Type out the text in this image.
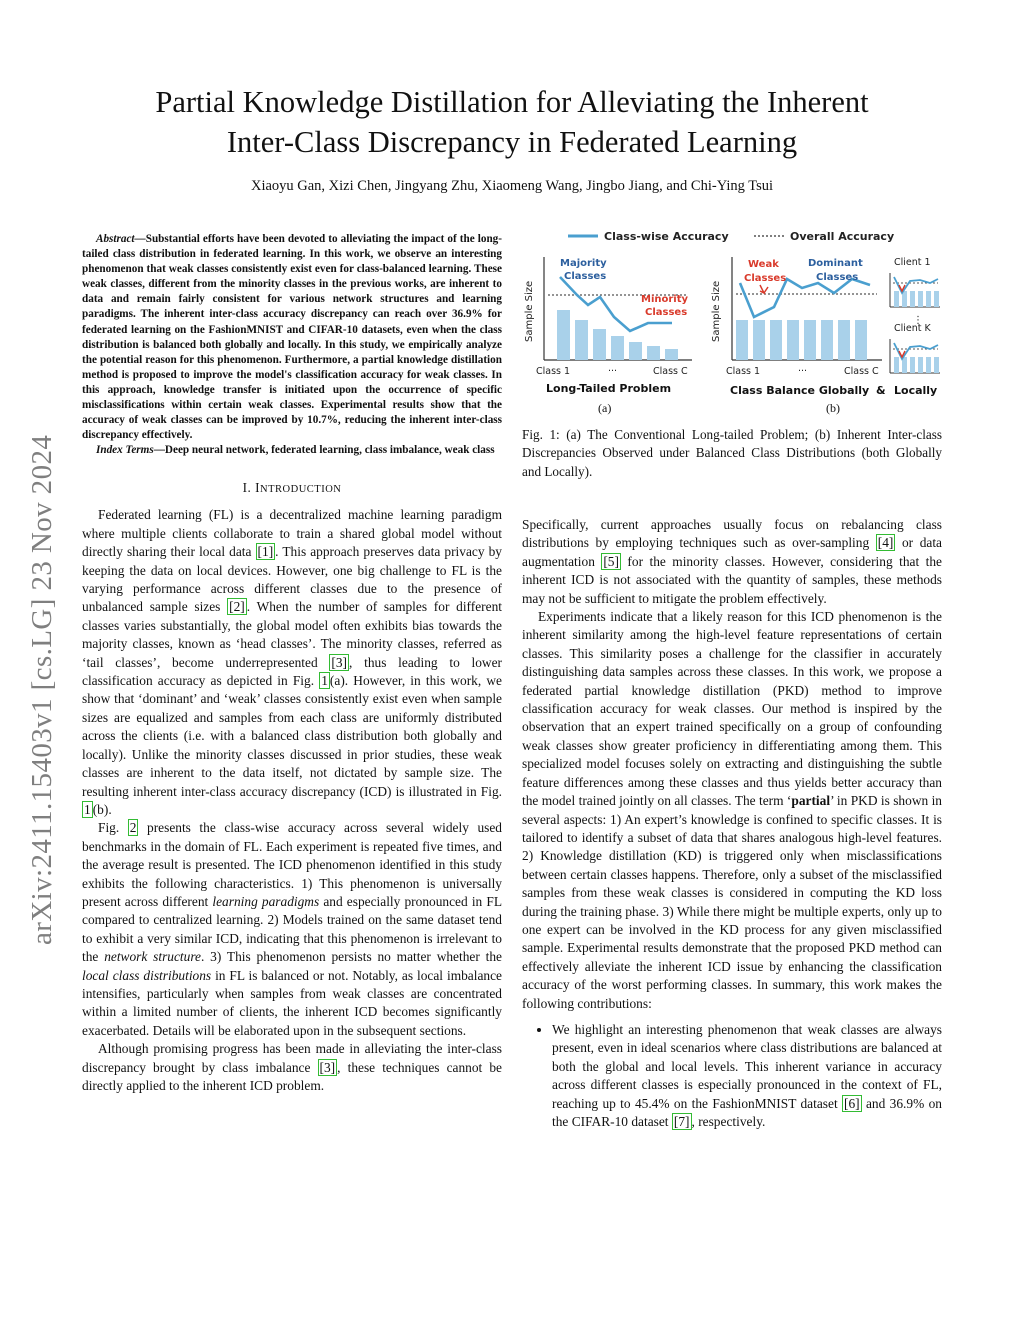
arXiv:2411.15403v1 [cs.LG] 23 Nov 2024
Partial Knowledge Distillation for Alleviating the Inherent
Inter-Class Discrepancy in Federated Learning
Xiaoyu Gan, Xizi Chen, Jingyang Zhu, Xiaomeng Wang, Jingbo Jiang, and Chi-Ying Tsui
Abstract—Substantial efforts have been devoted to alleviating the impact of the long-tailed class distribution in federated learning. In this work, we observe an interesting phenomenon that weak classes consistently exist even for class-balanced learning. These weak classes, different from the minority classes in the previous works, are inherent to data and remain fairly consistent for various network structures and learning paradigms. The inherent inter-class accuracy discrepancy can reach over 36.9% for federated learning on the FashionMNIST and CIFAR-10 datasets, even when the class distribution is balanced both globally and locally. In this study, we empirically analyze the potential reason for this phenomenon. Furthermore, a partial knowledge distillation method is proposed to improve the model's classification accuracy for weak classes. In this approach, knowledge transfer is initiated upon the occurrence of specific misclassifications within certain weak classes. Experimental results show that the accuracy of weak classes can be improved by 10.7%, reducing the inherent inter-class discrepancy effectively.
Index Terms—Deep neural network, federated learning, class imbalance, weak class
I. INTRODUCTION

Federated learning (FL) is a decentralized machine learning paradigm where multiple clients collaborate to train a shared global model without directly sharing their local data [1] . This approach preserves data privacy by keeping the data on local devices. However, one big challenge to FL is the varying performance across different classes due to the presence of unbalanced sample sizes [2] . When the number of samples for different classes varies substantially, the global model often exhibits bias towards the majority classes, known as ‘head classes’. The minority classes, referred as ‘tail classes’, become underrepresented [3] , thus leading to lower classification accuracy as depicted in Fig. 1 (a). However, in this work, we show that ‘dominant’ and ‘weak’ classes consistently exist even when sample sizes are equalized and samples from each class are uniformly distributed across the clients (i.e. with a balanced class distribution both globally and locally). Unlike the minority classes discussed in prior studies, these weak classes are inherent to the data itself, not dictated by sample size. The resulting inherent inter-class accuracy discrepancy (ICD) is illustrated in Fig. 1 (b).

Fig. 2 presents the class-wise accuracy across several widely used benchmarks in the domain of FL. Each experiment is repeated five times, and the average result is presented. The ICD phenomenon identified in this study exhibits the following characteristics. 1) This phenomenon is universally present across different learning paradigms and especially pronounced in FL compared to centralized learning. 2) Models trained on the same dataset tend to exhibit a very similar ICD, indicating that this phenomenon is irrelevant to the network structure. 3) This phenomenon persists no matter whether the local class distributions in FL is balanced or not. Notably, as local imbalance intensifies, particularly when samples from weak classes are concentrated within a limited number of clients, the inherent ICD becomes significantly exacerbated. Details will be elaborated upon in the subsequent sections.

Although promising progress has been made in alleviating the inter-class discrepancy brought by class imbalance [3] , these techniques cannot be directly applied to the inherent ICD problem.

Class-wise Accuracy	Overall Accuracy
Sample Size
Majority
Classes
Minority
Classes
Class 1	···	Class C
Long-Tailed Problem
(a)
Sample Size
Weak
Classes
Dominant
Classes
Class 1	···	Class C
Class Balance Globally & Locally
(b)
Client 1
⋮
Client K
Fig. 1: (a) The Conventional Long-tailed Problem; (b) Inherent Inter-class Discrepancies Observed under Balanced Class Distributions (both Globally and Locally).

Specifically, current approaches usually focus on rebalancing class distributions by employing techniques such as over-sampling [4] or data augmentation [5] for the minority classes. However, considering that the inherent ICD is not associated with the quantity of samples, these methods may not be sufficient to mitigate the problem effectively.

Experiments indicate that a likely reason for this ICD phenomenon is the inherent similarity among the high-level feature representations of certain classes. This similarity poses a challenge for the classifier in accurately distinguishing data samples across these classes. In this work, we propose a federated partial knowledge distillation (PKD) method to improve classification accuracy for weak classes. Our method is inspired by the observation that an expert trained specifically on a group of confounding weak classes show greater proficiency in differentiating among them. This specialized model focuses solely on extracting and distinguishing the subtle feature differences among these classes and thus yields better accuracy than the model trained jointly on all classes. The term ‘partial’ in PKD is shown in several aspects: 1) An expert’s knowledge is confined to specific classes. It is tailored to identify a subset of data that shares analogous high-level features. 2) Knowledge distillation (KD) is triggered only when misclassifications between certain classes happens. Therefore, only a subset of the misclassified samples from these weak classes is considered in computing the KD loss during the training phase. 3) While there might be multiple experts, only up to one expert can be involved in the KD process for any given misclassified sample. Experimental results demonstrate that the proposed PKD method can effectively alleviate the inherent ICD issue by enhancing the classification accuracy of the worst performing classes. In summary, this work makes the following contributions:

• We highlight an interesting phenomenon that weak classes are always present, even in ideal scenarios where class distributions are balanced at both the global and local levels. This inherent variance in accuracy across different classes is especially pronounced in the context of FL, reaching up to 45.4% on the FashionMNIST dataset [6] and 36.9% on the CIFAR-10 dataset [7] , respectively.
